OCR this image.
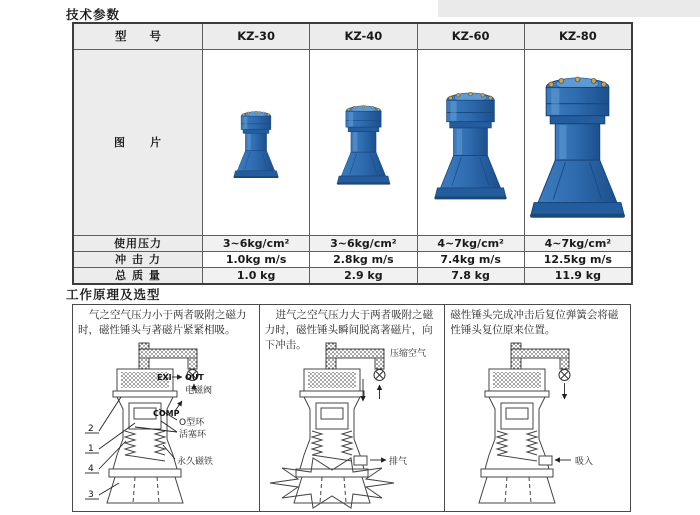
技术参数
型　　号	KZ-30	KZ-40	KZ-60	KZ-80
图　　片
使用压力	3~6kg/cm²	3~6kg/cm²	4~7kg/cm²	4~7kg/cm²
冲 击 力	1.0kg m/s	2.8kg m/s	7.4kg m/s	12.5kg m/s
总 质 量	1.0 kg	2.9 kg	7.8 kg	11.9 kg
工作原理及选型
气之空气压力小于两者吸附之磁力时，磁性锤头与著磁片紧紧相吸。
EXI OUT
电磁阀
COMP
O型环
活塞环
永久磁铁
2
1
4
3
进气之空气压力大于两者吸附之磁力时，磁性锤头瞬间脱离著磁片，向下冲击。
压缩空气
排气
磁性锤头完成冲击后复位弹簧会将磁性锤头复位原来位置。
吸入
